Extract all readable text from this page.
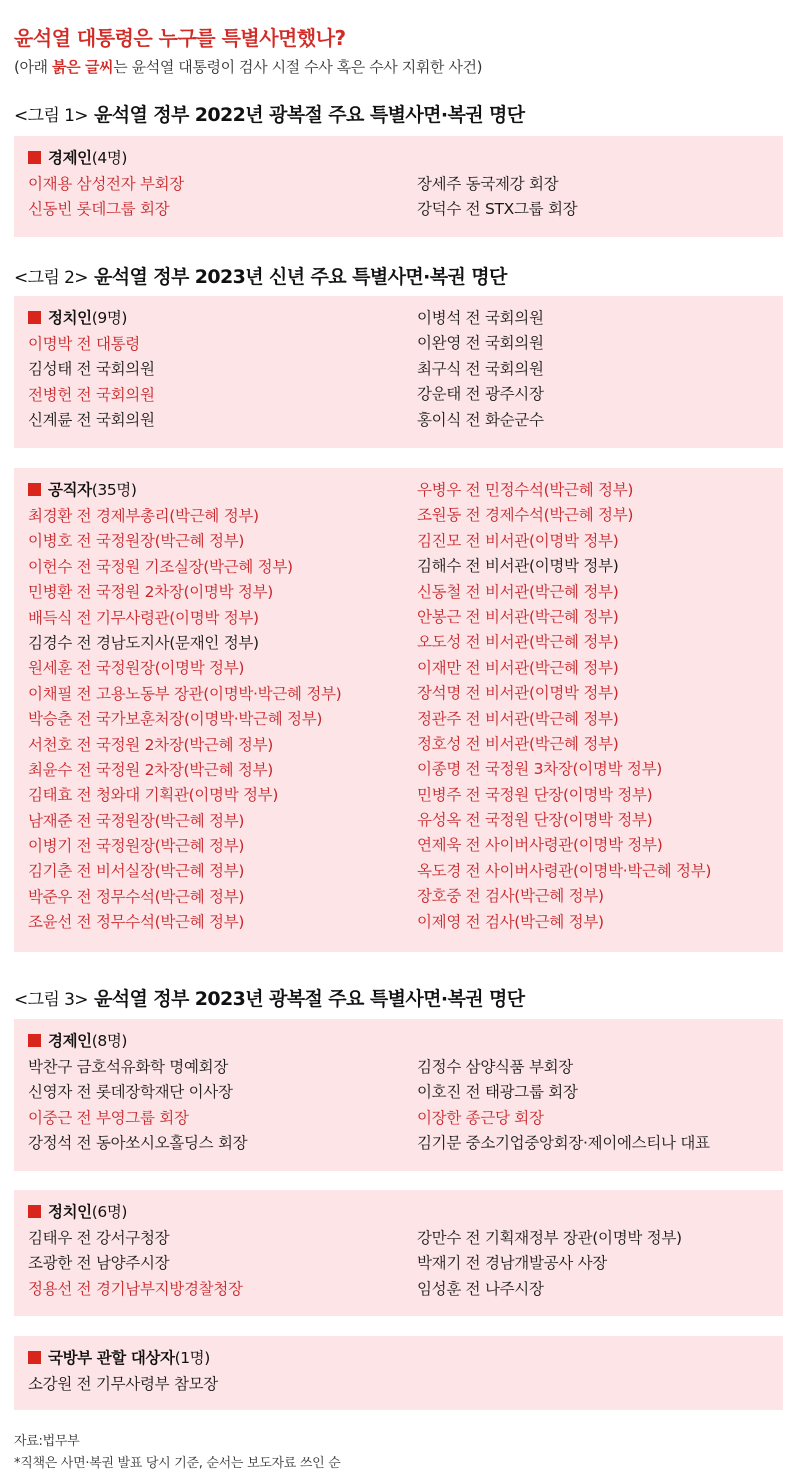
윤석열 대통령은 누구를 특별사면했나?
(아래 붉은 글씨는 윤석열 대통령이 검사 시절 수사 혹은 수사 지휘한 사건)
<그림 1> 윤석열 정부 2022년 광복절 주요 특별사면·복권 명단
경제인(4명)
이재용 삼성전자 부회장
신동빈 롯데그룹 회장
장세주 동국제강 회장
강덕수 전 STX그룹 회장
<그림 2> 윤석열 정부 2023년 신년 주요 특별사면·복권 명단
정치인(9명)
이명박 전 대통령
김성태 전 국회의원
전병헌 전 국회의원
신계륜 전 국회의원
이병석 전 국회의원
이완영 전 국회의원
최구식 전 국회의원
강운태 전 광주시장
홍이식 전 화순군수
공직자(35명)
최경환 전 경제부총리(박근혜 정부)
이병호 전 국정원장(박근혜 정부)
이헌수 전 국정원 기조실장(박근혜 정부)
민병환 전 국정원 2차장(이명박 정부)
배득식 전 기무사령관(이명박 정부)
김경수 전 경남도지사(문재인 정부)
원세훈 전 국정원장(이명박 정부)
이채필 전 고용노동부 장관(이명박·박근혜 정부)
박승춘 전 국가보훈처장(이명박·박근혜 정부)
서천호 전 국정원 2차장(박근혜 정부)
최윤수 전 국정원 2차장(박근혜 정부)
김태효 전 청와대 기획관(이명박 정부)
남재준 전 국정원장(박근혜 정부)
이병기 전 국정원장(박근혜 정부)
김기춘 전 비서실장(박근혜 정부)
박준우 전 정무수석(박근혜 정부)
조윤선 전 정무수석(박근혜 정부)
우병우 전 민정수석(박근혜 정부)
조원동 전 경제수석(박근혜 정부)
김진모 전 비서관(이명박 정부)
김해수 전 비서관(이명박 정부)
신동철 전 비서관(박근혜 정부)
안봉근 전 비서관(박근혜 정부)
오도성 전 비서관(박근혜 정부)
이재만 전 비서관(박근혜 정부)
장석명 전 비서관(이명박 정부)
정관주 전 비서관(박근혜 정부)
정호성 전 비서관(박근혜 정부)
이종명 전 국정원 3차장(이명박 정부)
민병주 전 국정원 단장(이명박 정부)
유성옥 전 국정원 단장(이명박 정부)
연제욱 전 사이버사령관(이명박 정부)
옥도경 전 사이버사령관(이명박·박근혜 정부)
장호중 전 검사(박근혜 정부)
이제영 전 검사(박근혜 정부)
<그림 3> 윤석열 정부 2023년 광복절 주요 특별사면·복권 명단
경제인(8명)
박찬구 금호석유화학 명예회장
신영자 전 롯데장학재단 이사장
이중근 전 부영그룹 회장
강정석 전 동아쏘시오홀딩스 회장
김정수 삼양식품 부회장
이호진 전 태광그룹 회장
이장한 종근당 회장
김기문 중소기업중앙회장·제이에스티나 대표
정치인(6명)
김태우 전 강서구청장
조광한 전 남양주시장
정용선 전 경기남부지방경찰청장
강만수 전 기획재정부 장관(이명박 정부)
박재기 전 경남개발공사 사장
임성훈 전 나주시장
국방부 관할 대상자(1명)
소강원 전 기무사령부 참모장
자료:법무부
*직책은 사면·복권 발표 당시 기준, 순서는 보도자료 쓰인 순
